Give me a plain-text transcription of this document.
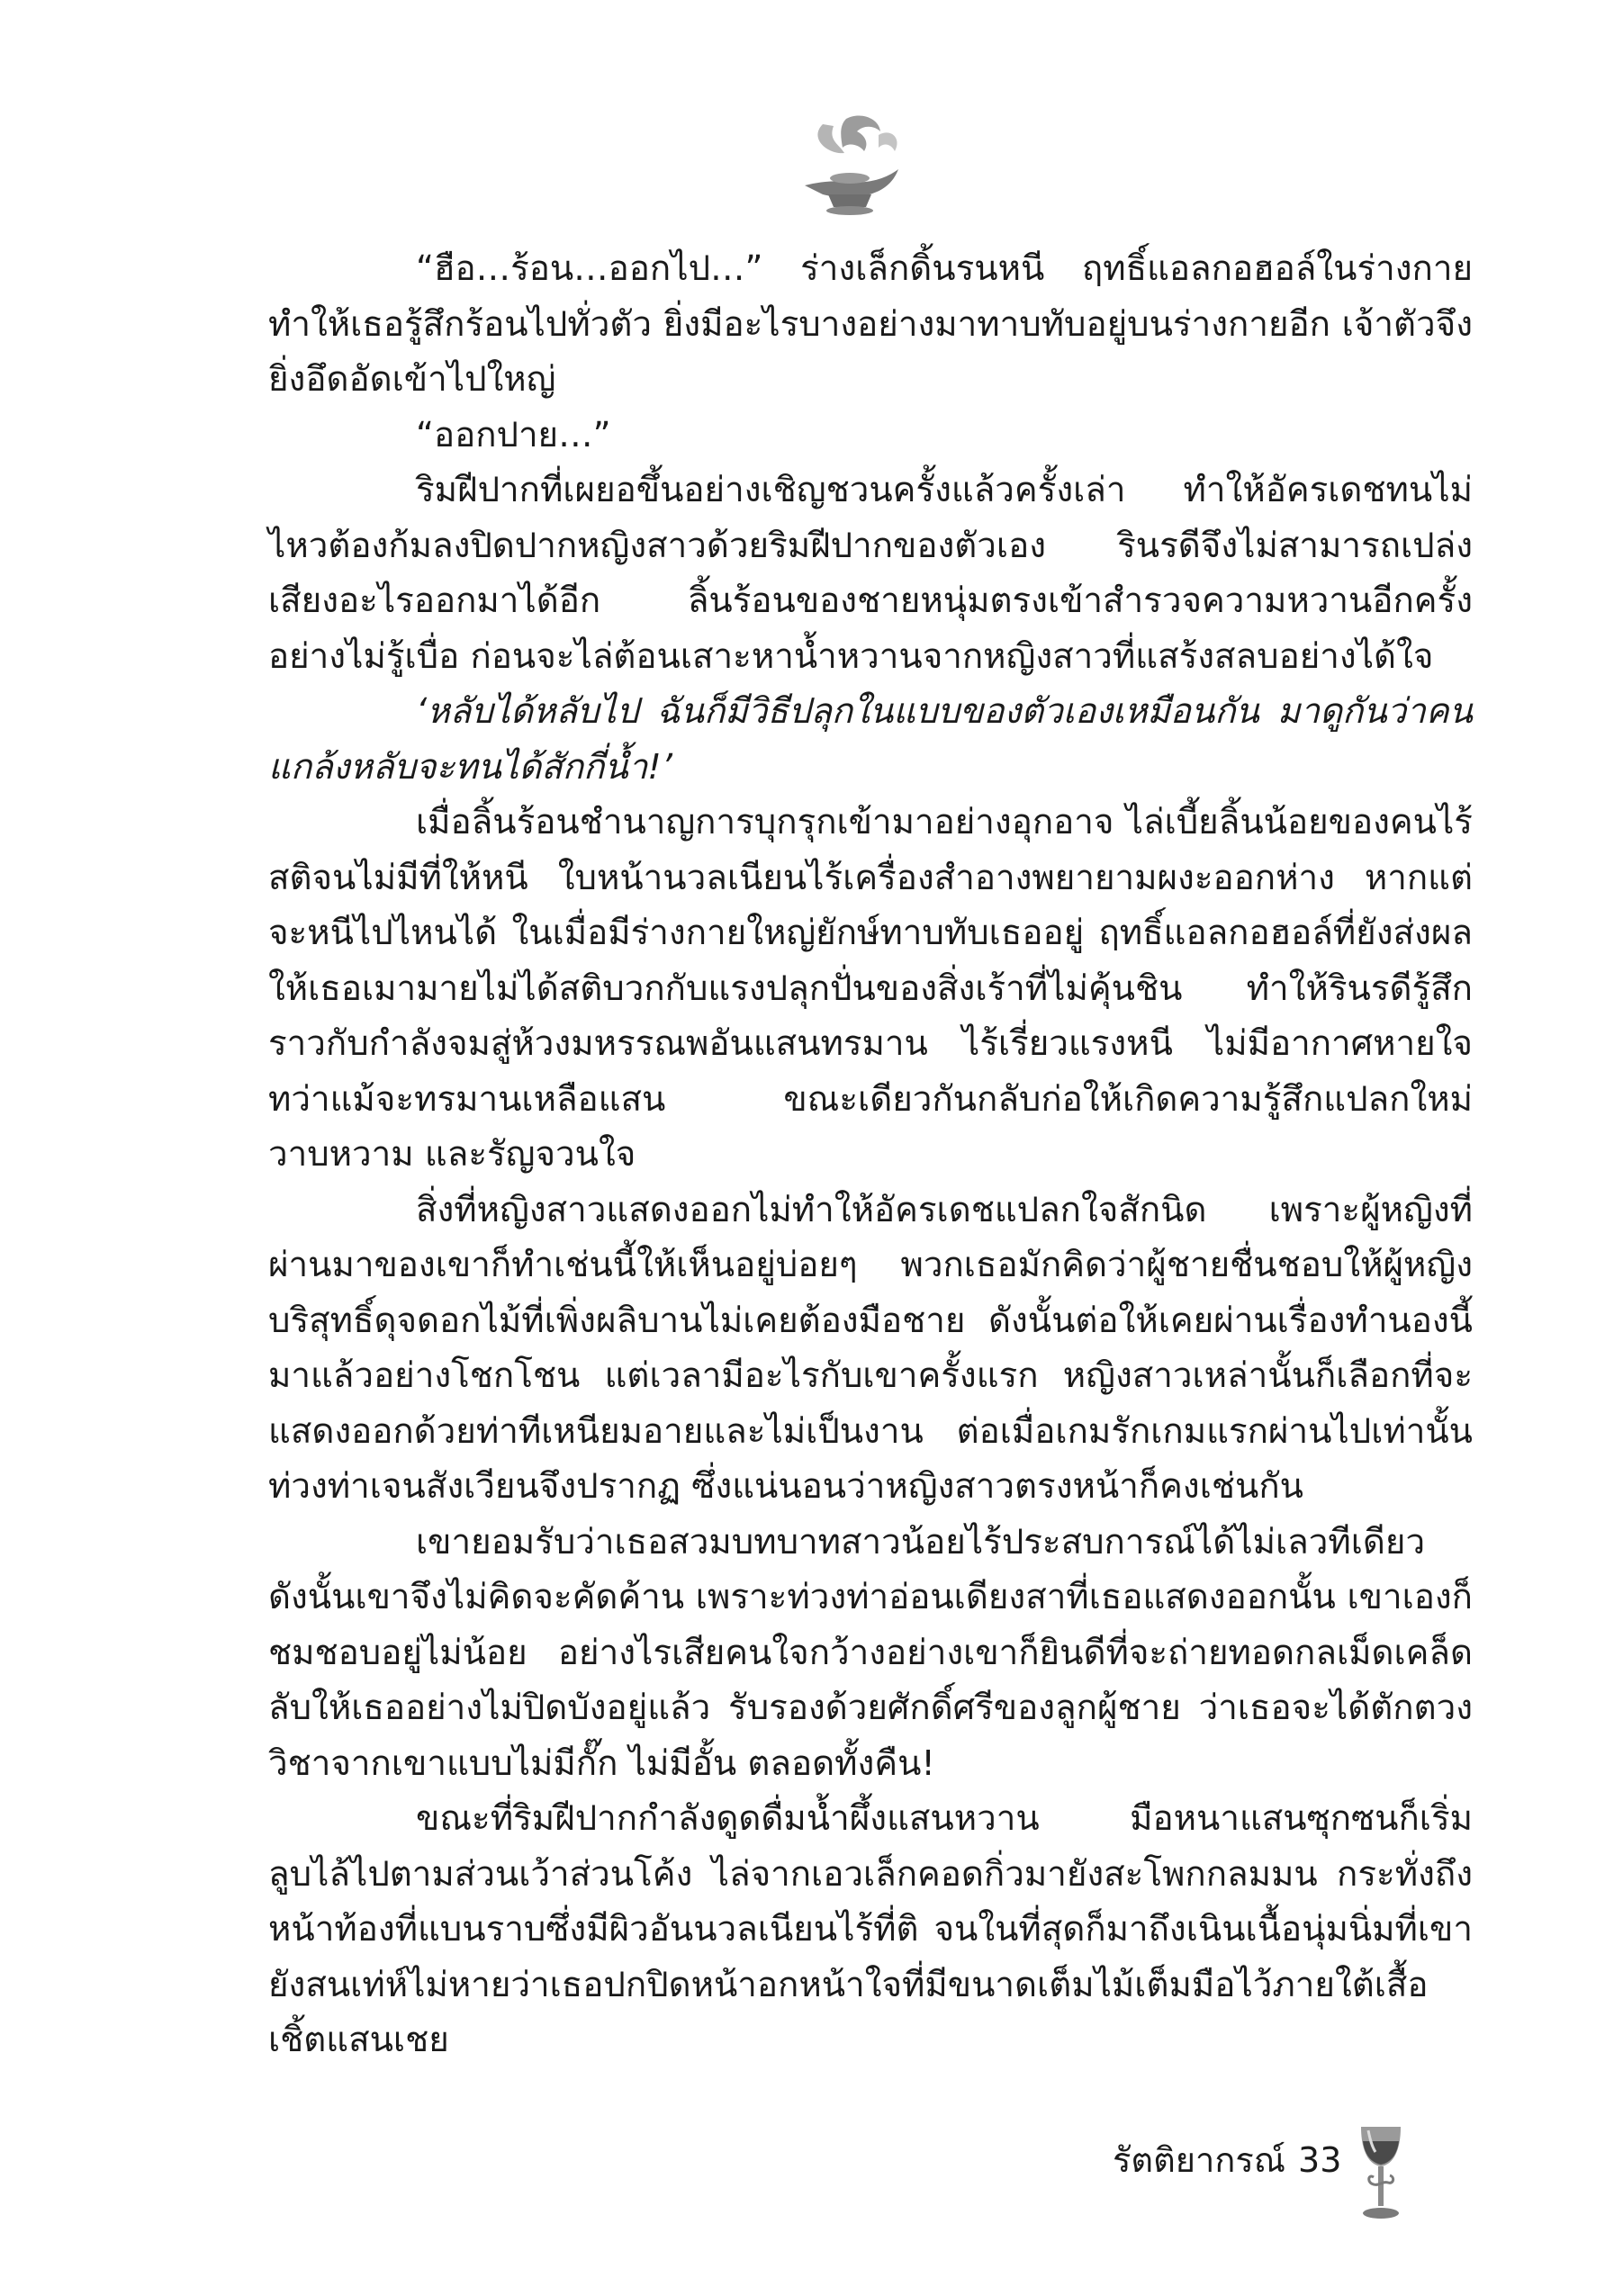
“ฮือ…ร้อน…ออกไป…” ร่างเล็กดิ้นรนหนี ฤทธิ์แอลกอฮอล์ในร่างกายทำให้เธอรู้สึกร้อนไปทั่วตัว ยิ่งมีอะไรบางอย่างมาทาบทับอยู่บนร่างกายอีก เจ้าตัวจึงยิ่งอึดอัดเข้าไปใหญ่

“ออกปาย…”

ริมฝีปากที่เผยอขึ้นอย่างเชิญชวนครั้งแล้วครั้งเล่า ทำให้อัครเดชทนไม่ไหวต้องก้มลงปิดปากหญิงสาวด้วยริมฝีปากของตัวเอง รินรดีจึงไม่สามารถเปล่งเสียงอะไรออกมาได้อีก ลิ้นร้อนของชายหนุ่มตรงเข้าสำรวจความหวานอีกครั้งอย่างไม่รู้เบื่อ ก่อนจะไล่ต้อนเสาะหาน้ำหวานจากหญิงสาวที่แสร้งสลบอย่างได้ใจ

‘หลับได้หลับไป ฉันก็มีวิธีปลุกในแบบของตัวเองเหมือนกัน มาดูกันว่าคนแกล้งหลับจะทนได้สักกี่น้ำ!’

เมื่อลิ้นร้อนชำนาญการบุกรุกเข้ามาอย่างอุกอาจ ไล่เบี้ยลิ้นน้อยของคนไร้สติจนไม่มีที่ให้หนี ใบหน้านวลเนียนไร้เครื่องสำอางพยายามผงะออกห่าง หากแต่จะหนีไปไหนได้ ในเมื่อมีร่างกายใหญ่ยักษ์ทาบทับเธออยู่ ฤทธิ์แอลกอฮอล์ที่ยังส่งผลให้เธอเมามายไม่ได้สติบวกกับแรงปลุกปั่นของสิ่งเร้าที่ไม่คุ้นชิน ทำให้รินรดีรู้สึกราวกับกำลังจมสู่ห้วงมหรรณพอันแสนทรมาน ไร้เรี่ยวแรงหนี ไม่มีอากาศหายใจ ทว่าแม้จะทรมานเหลือแสน ขณะเดียวกันกลับก่อให้เกิดความรู้สึกแปลกใหม่ วาบหวาม และรัญจวนใจ

สิ่งที่หญิงสาวแสดงออกไม่ทำให้อัครเดชแปลกใจสักนิด เพราะผู้หญิงที่ผ่านมาของเขาก็ทำเช่นนี้ให้เห็นอยู่บ่อยๆ พวกเธอมักคิดว่าผู้ชายชื่นชอบให้ผู้หญิงบริสุทธิ์ดุจดอกไม้ที่เพิ่งผลิบานไม่เคยต้องมือชาย ดังนั้นต่อให้เคยผ่านเรื่องทำนองนี้มาแล้วอย่างโชกโชน แต่เวลามีอะไรกับเขาครั้งแรก หญิงสาวเหล่านั้นก็เลือกที่จะแสดงออกด้วยท่าทีเหนียมอายและไม่เป็นงาน ต่อเมื่อเกมรักเกมแรกผ่านไปเท่านั้นท่วงท่าเจนสังเวียนจึงปรากฏ ซึ่งแน่นอนว่าหญิงสาวตรงหน้าก็คงเช่นกัน

เขายอมรับว่าเธอสวมบทบาทสาวน้อยไร้ประสบการณ์ได้ไม่เลวทีเดียว ดังนั้นเขาจึงไม่คิดจะคัดค้าน เพราะท่วงท่าอ่อนเดียงสาที่เธอแสดงออกนั้น เขาเองก็ชมชอบอยู่ไม่น้อย อย่างไรเสียคนใจกว้างอย่างเขาก็ยินดีที่จะถ่ายทอดกลเม็ดเคล็ดลับให้เธออย่างไม่ปิดบังอยู่แล้ว รับรองด้วยศักดิ์ศรีของลูกผู้ชาย ว่าเธอจะได้ตักตวงวิชาจากเขาแบบไม่มีกั๊ก ไม่มีอั้น ตลอดทั้งคืน!

ขณะที่ริมฝีปากกำลังดูดดื่มน้ำผึ้งแสนหวาน มือหนาแสนซุกซนก็เริ่มลูบไล้ไปตามส่วนเว้าส่วนโค้ง ไล่จากเอวเล็กคอดกิ่วมายังสะโพกกลมมน กระทั่งถึงหน้าท้องที่แบนราบซึ่งมีผิวอันนวลเนียนไร้ที่ติ จนในที่สุดก็มาถึงเนินเนื้อนุ่มนิ่มที่เขายังสนเท่ห์ไม่หายว่าเธอปกปิดหน้าอกหน้าใจที่มีขนาดเต็มไม้เต็มมือไว้ภายใต้เสื้อเชิ้ตแสนเชย

รัตติยากรณ์ 33
